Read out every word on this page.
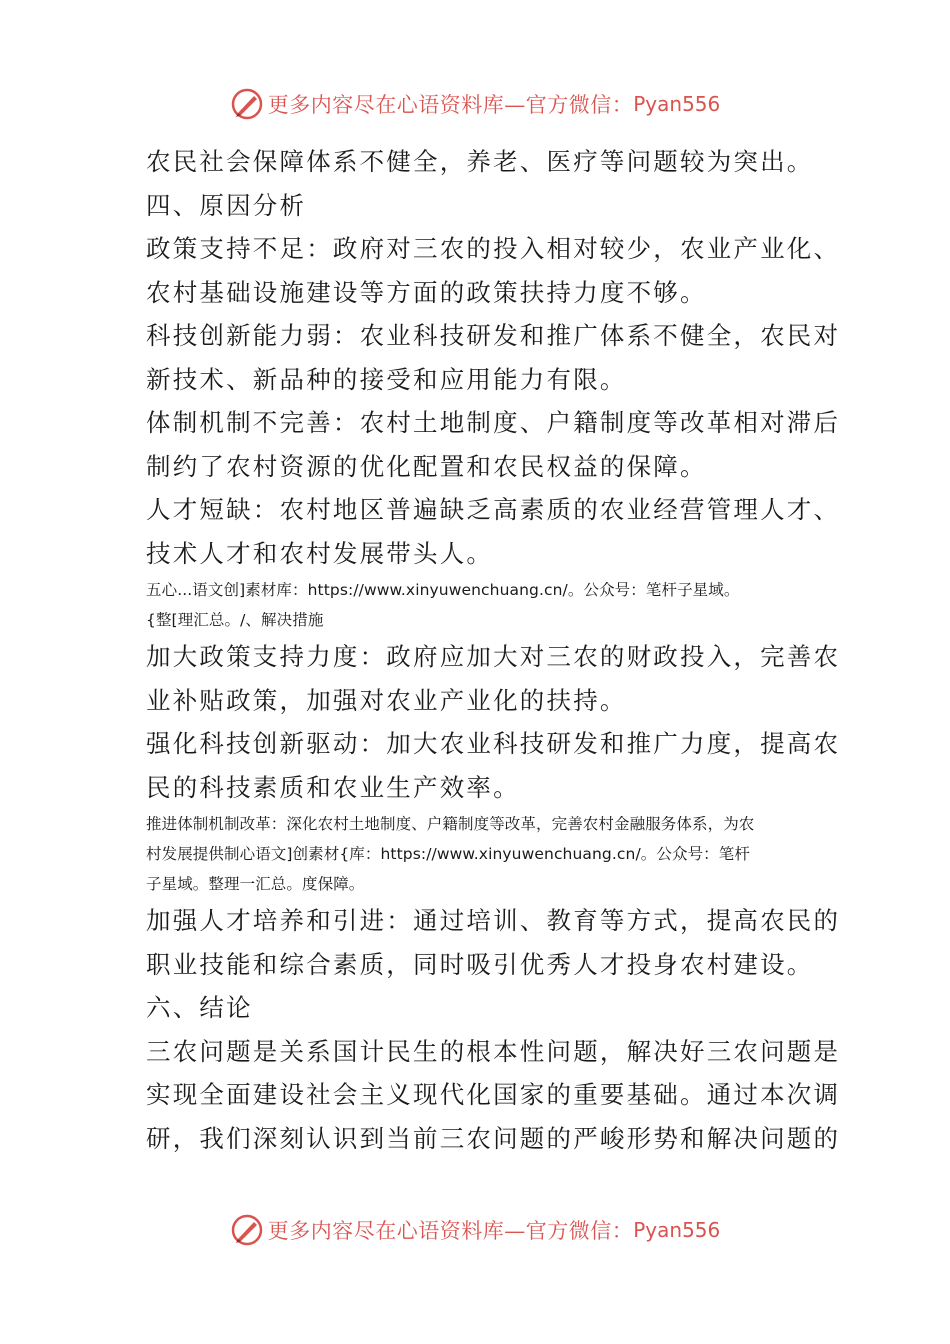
更多内容尽在心语资料库—官方微信： Pyan556
农民社会保障体系不健全，养老、医疗等问题较为突出。
四、原因分析
政策支持不足：政府对三农的投入相对较少，农业产业化、
农村基础设施建设等方面的政策扶持力度不够。
科技创新能力弱：农业科技研发和推广体系不健全，农民对
新技术、新品种的接受和应用能力有限。
体制机制不完善：农村土地制度、户籍制度等改革相对滞后
制约了农村资源的优化配置和农民权益的保障。
人才短缺：农村地区普遍缺乏高素质的农业经营管理人才、
技术人才和农村发展带头人。
五心...语文创]素材库：https://www.xinyuwenchuang.cn/。公众号：笔杆子星域。
{整[理汇总。/、解决措施
加大政策支持力度：政府应加大对三农的财政投入，完善农
业补贴政策，加强对农业产业化的扶持。
强化科技创新驱动：加大农业科技研发和推广力度，提高农
民的科技素质和农业生产效率。
推进体制机制改革：深化农村土地制度、户籍制度等改革，完善农村金融服务体系，为农
村发展提供制心语文]创素材{库：https://www.xinyuwenchuang.cn/。公众号：笔杆
子星域。整理一汇总。度保障。
加强人才培养和引进：通过培训、教育等方式，提高农民的
职业技能和综合素质，同时吸引优秀人才投身农村建设。
六、结论
三农问题是关系国计民生的根本性问题，解决好三农问题是
实现全面建设社会主义现代化国家的重要基础。通过本次调
研，我们深刻认识到当前三农问题的严峻形势和解决问题的
更多内容尽在心语资料库—官方微信： Pyan556
